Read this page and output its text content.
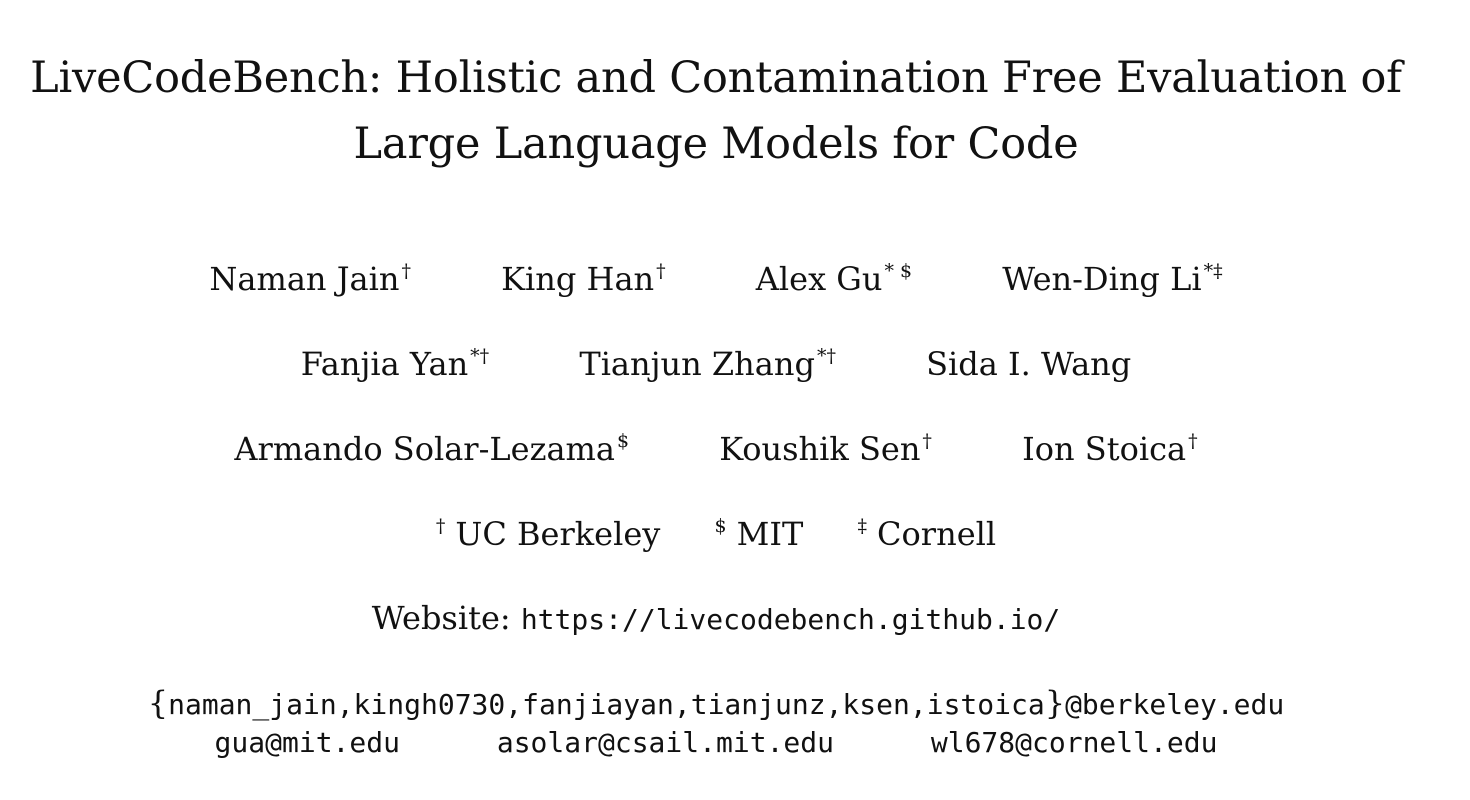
LiveCodeBench: Holistic and Contamination Free Evaluation of
Large Language Models for Code
Naman Jain †	King Han †	Alex Gu * $	Wen-Ding Li *‡
Fanjia Yan *†	Tianjun Zhang *†	Sida I. Wang
Armando Solar-Lezama $	Koushik Sen †	Ion Stoica †
† UC Berkeley	$ MIT	‡ Cornell
Website: https://livecodebench.github.io/
{naman_jain,kingh0730,fanjiayan,tianjunz,ksen,istoica}@berkeley.edu
gua@mit.edu	asolar@csail.mit.edu	wl678@cornell.edu
